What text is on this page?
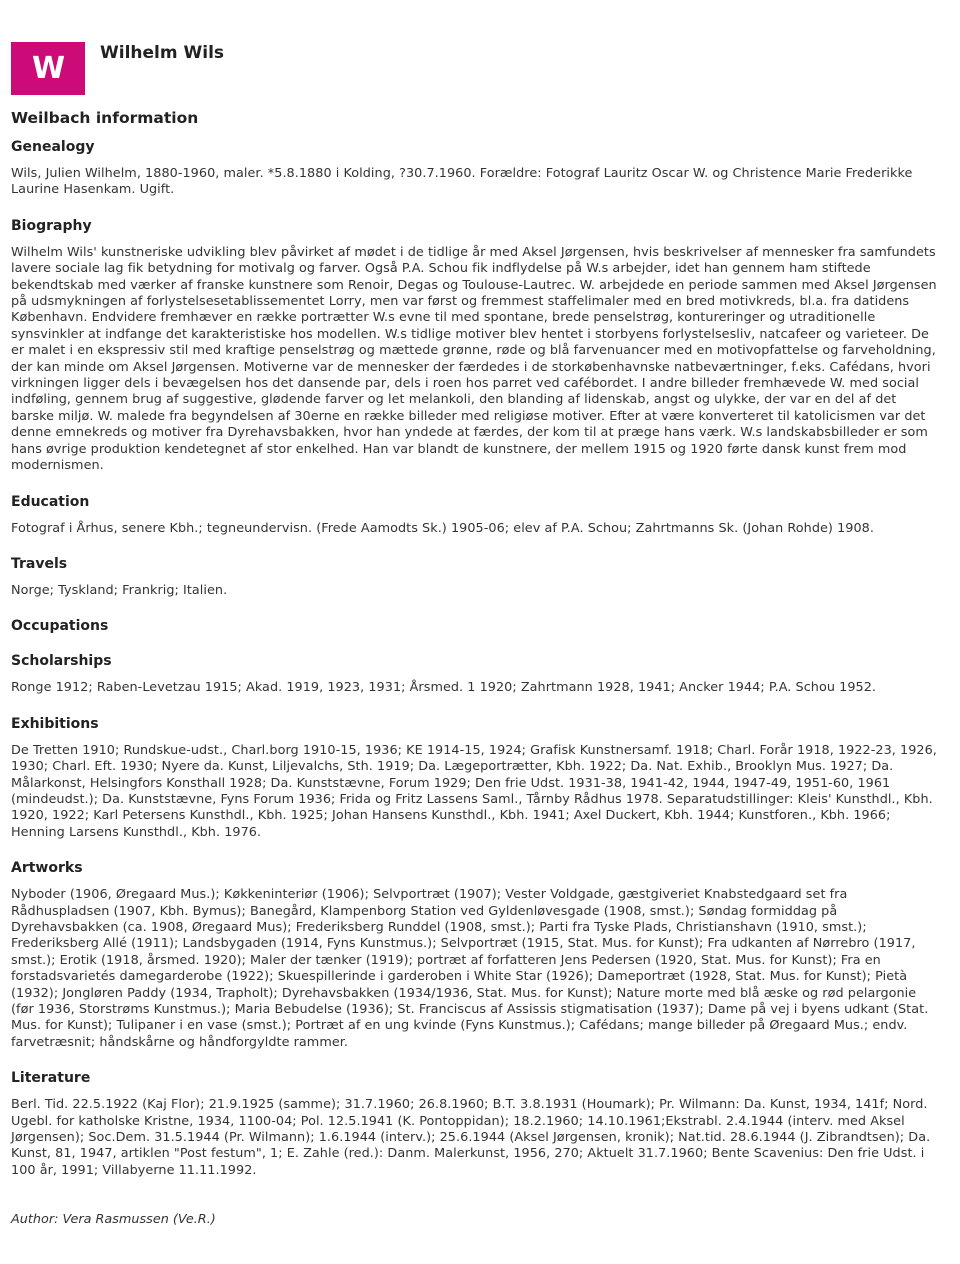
W Wilhelm Wils
Weilbach information
Genealogy

Wils, Julien Wilhelm, 1880-1960, maler. *5.8.1880 i Kolding, ?30.7.1960. Forældre: Fotograf Lauritz Oscar W. og Christence Marie Frederikke Laurine Hasenkam. Ugift.

Biography

Wilhelm Wils' kunstneriske udvikling blev påvirket af mødet i de tidlige år med Aksel Jørgensen, hvis beskrivelser af mennesker fra samfundets lavere sociale lag fik betydning for motivalg og farver. Også P.A. Schou fik indflydelse på W.s arbejder, idet han gennem ham stiftede bekendtskab med værker af franske kunstnere som Renoir, Degas og Toulouse-Lautrec. W. arbejdede en periode sammen med Aksel Jørgensen på udsmykningen af forlystelsesetablissementet Lorry, men var først og fremmest staffelimaler med en bred motivkreds, bl.a. fra datidens København. Endvidere fremhæver en række portrætter W.s evne til med spontane, brede penselstrøg, kontureringer og utraditionelle synsvinkler at indfange det karakteristiske hos modellen. W.s tidlige motiver blev hentet i storbyens forlystelsesliv, natcafeer og varieteer. De er malet i en ekspressiv stil med kraftige penselstrøg og mættede grønne, røde og blå farvenuancer med en motivopfattelse og farveholdning, der kan minde om Aksel Jørgensen. Motiverne var de mennesker der færdedes i de storkøbenhavnske natbeværtninger, f.eks. Cafédans, hvori virkningen ligger dels i bevægelsen hos det dansende par, dels i roen hos parret ved cafébordet. I andre billeder fremhævede W. med social indføling, gennem brug af suggestive, glødende farver og let melankoli, den blanding af lidenskab, angst og ulykke, der var en del af det barske miljø. W. malede fra begyndelsen af 30erne en række billeder med religiøse motiver. Efter at være konverteret til katolicismen var det denne emnekreds og motiver fra Dyrehavsbakken, hvor han yndede at færdes, der kom til at præge hans værk. W.s landskabsbilleder er som hans øvrige produktion kendetegnet af stor enkelhed. Han var blandt de kunstnere, der mellem 1915 og 1920 førte dansk kunst frem mod modernismen.

Education

Fotograf i Århus, senere Kbh.; tegneundervisn. (Frede Aamodts Sk.) 1905-06; elev af P.A. Schou; Zahrtmanns Sk. (Johan Rohde) 1908.

Travels

Norge; Tyskland; Frankrig; Italien.

Occupations
Scholarships

Ronge 1912; Raben-Levetzau 1915; Akad. 1919, 1923, 1931; Årsmed. 1 1920; Zahrtmann 1928, 1941; Ancker 1944; P.A. Schou 1952.

Exhibitions

De Tretten 1910; Rundskue-udst., Charl.borg 1910-15, 1936; KE 1914-15, 1924; Grafisk Kunstnersamf. 1918; Charl. Forår 1918, 1922-23, 1926, 1930; Charl. Eft. 1930; Nyere da. Kunst, Liljevalchs, Sth. 1919; Da. Lægeportrætter, Kbh. 1922; Da. Nat. Exhib., Brooklyn Mus. 1927; Da. Målarkonst, Helsingfors Konsthall 1928; Da. Kunststævne, Forum 1929; Den frie Udst. 1931-38, 1941-42, 1944, 1947-49, 1951-60, 1961 (mindeudst.); Da. Kunststævne, Fyns Forum 1936; Frida og Fritz Lassens Saml., Tårnby Rådhus 1978. Separatudstillinger: Kleis' Kunsthdl., Kbh. 1920, 1922; Karl Petersens Kunsthdl., Kbh. 1925; Johan Hansens Kunsthdl., Kbh. 1941; Axel Duckert, Kbh. 1944; Kunstforen., Kbh. 1966; Henning Larsens Kunsthdl., Kbh. 1976.

Artworks

Nyboder (1906, Øregaard Mus.); Køkkeninteriør (1906); Selvportræt (1907); Vester Voldgade, gæstgiveriet Knabstedgaard set fra Rådhuspladsen (1907, Kbh. Bymus); Banegård, Klampenborg Station ved Gyldenløvesgade (1908, smst.); Søndag formiddag på Dyrehavsbakken (ca. 1908, Øregaard Mus); Frederiksberg Runddel (1908, smst.); Parti fra Tyske Plads, Christianshavn (1910, smst.); Frederiksberg Allé (1911); Landsbygaden (1914, Fyns Kunstmus.); Selvportræt (1915, Stat. Mus. for Kunst); Fra udkanten af Nørrebro (1917, smst.); Erotik (1918, årsmed. 1920); Maler der tænker (1919); portræt af forfatteren Jens Pedersen (1920, Stat. Mus. for Kunst); Fra en forstadsvarietés damegarderobe (1922); Skuespillerinde i garderoben i White Star (1926); Dameportræt (1928, Stat. Mus. for Kunst); Pietà (1932); Jongløren Paddy (1934, Trapholt); Dyrehavsbakken (1934/1936, Stat. Mus. for Kunst); Nature morte med blå æske og rød pelargonie (før 1936, Storstrøms Kunstmus.); Maria Bebudelse (1936); St. Franciscus af Assissis stigmatisation (1937); Dame på vej i byens udkant (Stat. Mus. for Kunst); Tulipaner i en vase (smst.); Portræt af en ung kvinde (Fyns Kunstmus.); Cafédans; mange billeder på Øregaard Mus.; endv. farvetræsnit; håndskårne og håndforgyldte rammer.

Literature

Berl. Tid. 22.5.1922 (Kaj Flor); 21.9.1925 (samme); 31.7.1960; 26.8.1960; B.T. 3.8.1931 (Houmark); Pr. Wilmann: Da. Kunst, 1934, 141f; Nord. Ugebl. for katholske Kristne, 1934, 1100-04; Pol. 12.5.1941 (K. Pontoppidan); 18.2.1960; 14.10.1961;Ekstrabl. 2.4.1944 (interv. med Aksel Jørgensen); Soc.Dem. 31.5.1944 (Pr. Wilmann); 1.6.1944 (interv.); 25.6.1944 (Aksel Jørgensen, kronik); Nat.tid. 28.6.1944 (J. Zibrandtsen); Da. Kunst, 81, 1947, artiklen "Post festum", 1; E. Zahle (red.): Danm. Malerkunst, 1956, 270; Aktuelt 31.7.1960; Bente Scavenius: Den frie Udst. i 100 år, 1991; Villabyerne 11.11.1992.

Author: Vera Rasmussen (Ve.R.)
